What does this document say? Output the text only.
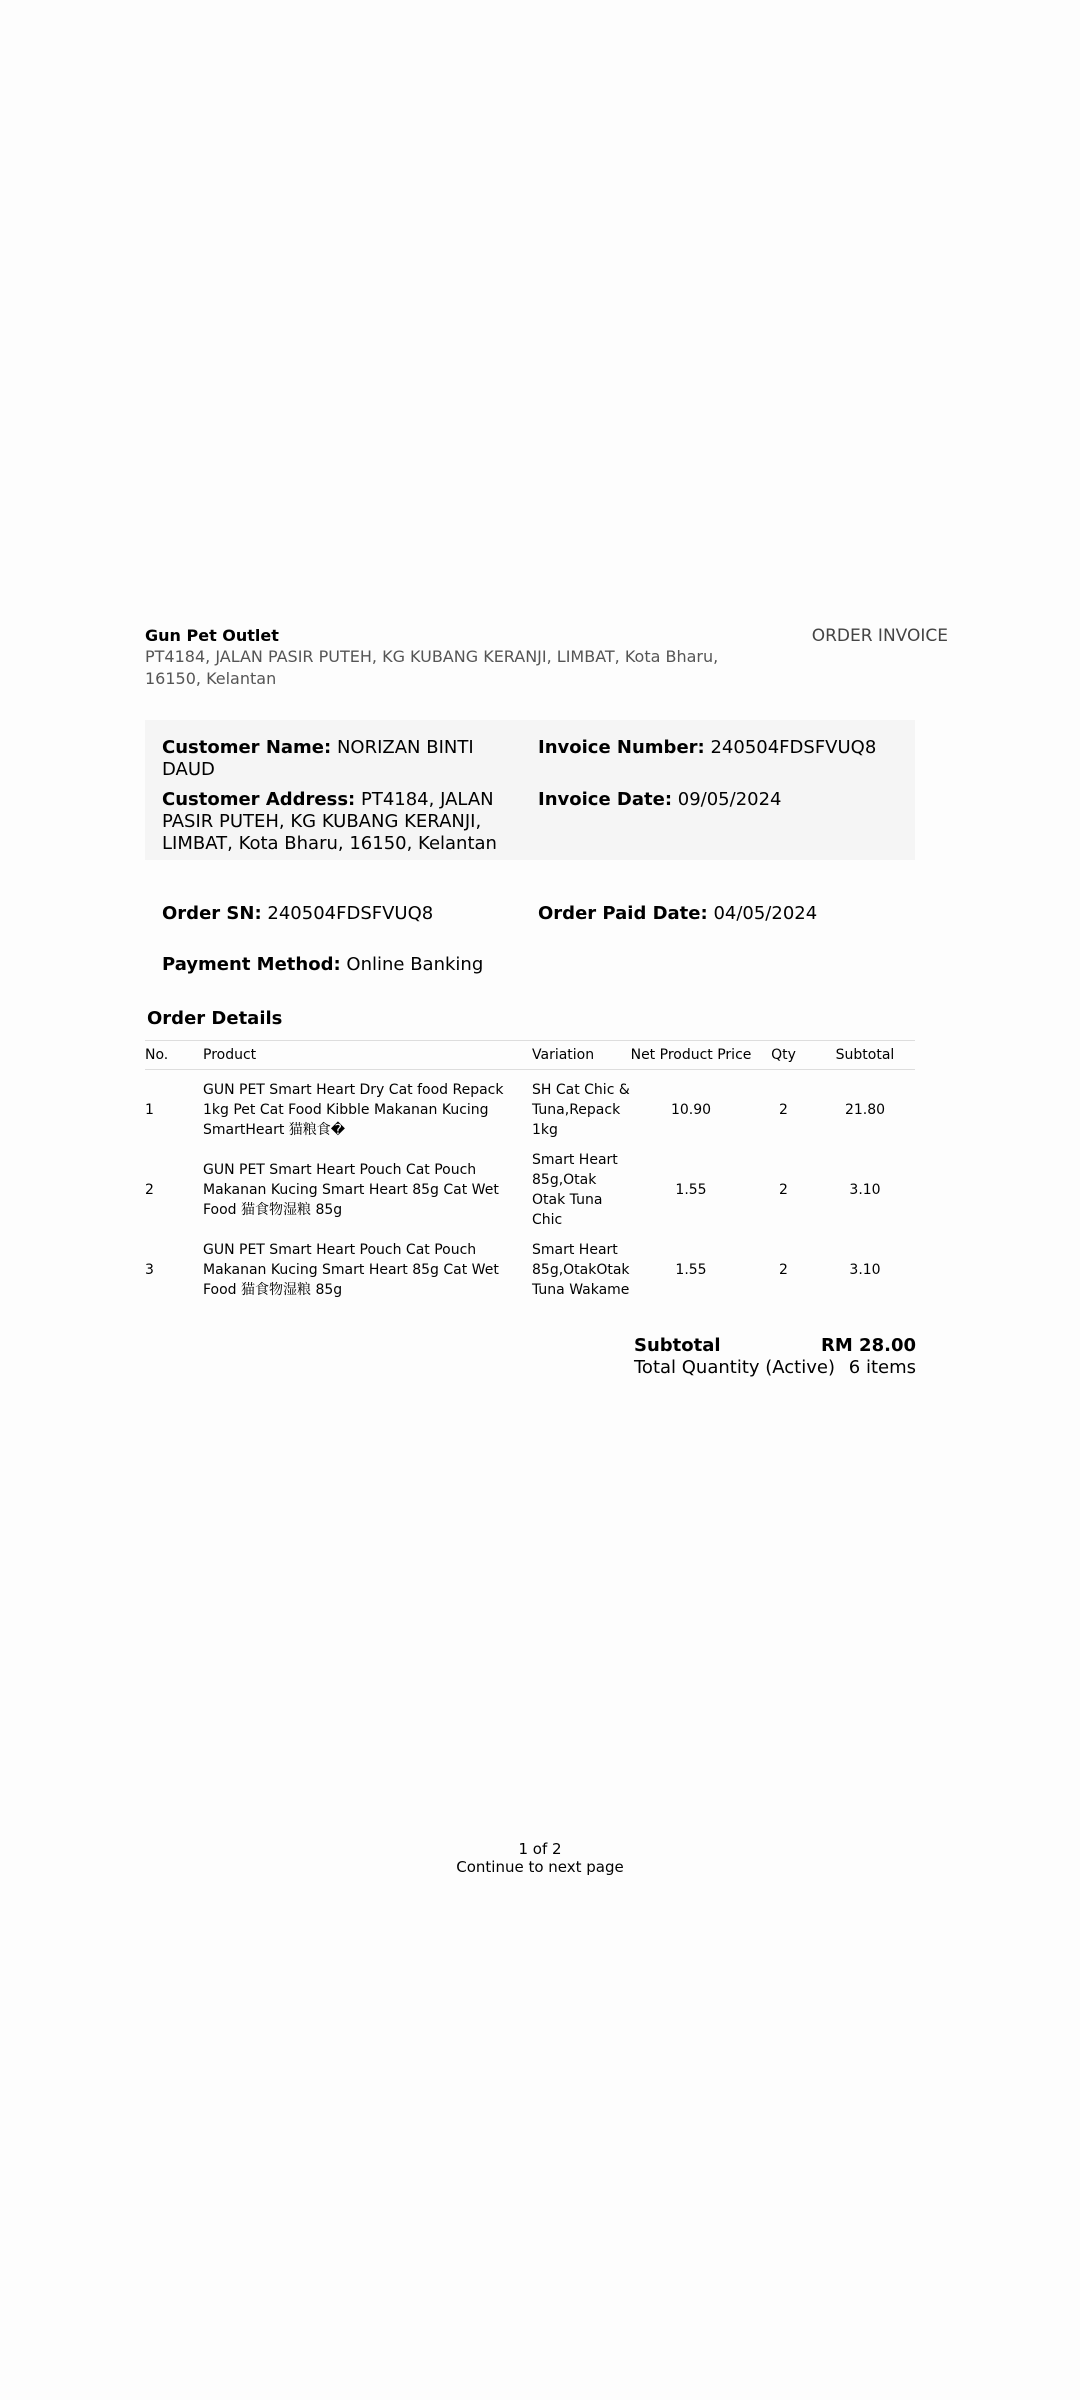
Gun Pet Outlet
PT4184, JALAN PASIR PUTEH, KG KUBANG KERANJI, LIMBAT, Kota Bharu, 16150, Kelantan
ORDER INVOICE
Customer Name: NORIZAN BINTI DAUD
Invoice Number: 240504FDSFVUQ8
Customer Address: PT4184, JALAN PASIR PUTEH, KG KUBANG KERANJI, LIMBAT, Kota Bharu, 16150, Kelantan
Invoice Date: 09/05/2024
Order SN: 240504FDSFVUQ8	Order Paid Date: 04/05/2024
Payment Method: Online Banking
Order Details
No.	Product	Variation	Net Product Price	Qty	Subtotal
1	GUN PET Smart Heart Dry Cat food Repack 1kg Pet Cat Food Kibble Makanan Kucing SmartHeart 猫粮食�	SH Cat Chic & Tuna,Repack 1kg	10.90	2	21.80
2	GUN PET Smart Heart Pouch Cat Pouch Makanan Kucing Smart Heart 85g Cat Wet Food 猫食物湿粮 85g	Smart Heart 85g,Otak Otak Tuna Chic	1.55	2	3.10
3	GUN PET Smart Heart Pouch Cat Pouch Makanan Kucing Smart Heart 85g Cat Wet Food 猫食物湿粮 85g	Smart Heart 85g,OtakOtak Tuna Wakame	1.55	2	3.10
Subtotal	RM 28.00
Total Quantity (Active) 6 items
1 of 2
Continue to next page
